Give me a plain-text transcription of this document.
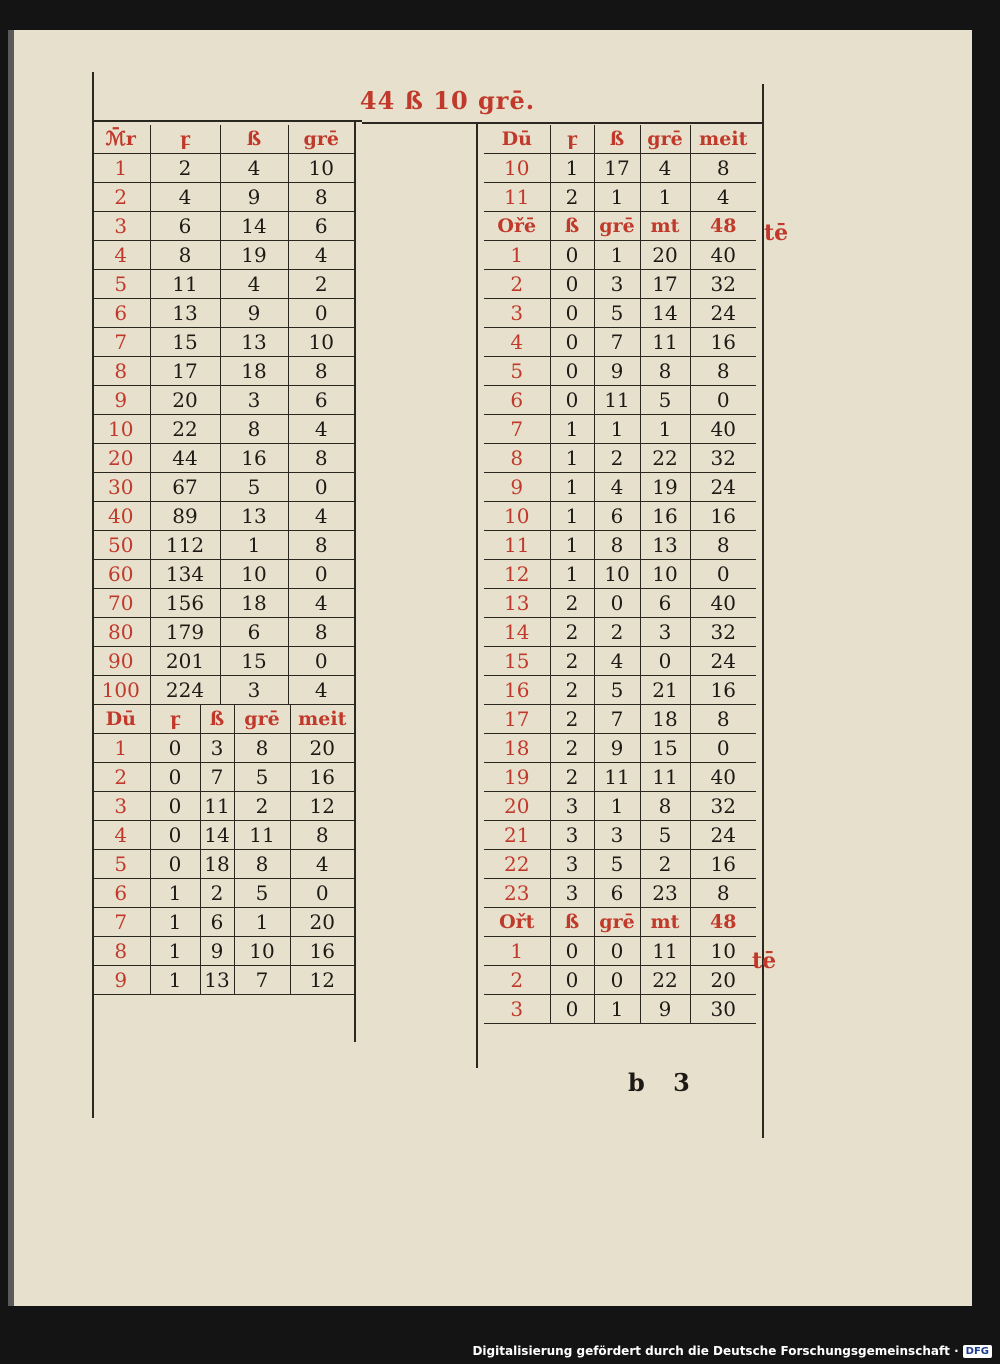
44 ß 10 grē.
ℳ̄r	ꝼ	ß	grē
1	2	4	10
2	4	9	8
3	6	14	6
4	8	19	4
5	11	4	2
6	13	9	0
7	15	13	10
8	17	18	8
9	20	3	6
10	22	8	4
20	44	16	8
30	67	5	0
40	89	13	4
50	112	1	8
60	134	10	0
70	156	18	4
80	179	6	8
90	201	15	0
100	224	3	4
Dū	ꝼ	ß	grē	meit
10	1	17	4	8
11	2	1	1	4
Ořē	ß	grē	mt	48
1	0	1	20	40
2	0	3	17	32
3	0	5	14	24
4	0	7	11	16
5	0	9	8	8
6	0	11	5	0
7	1	1	1	40
8	1	2	22	32
9	1	4	19	24
10	1	6	16	16
11	1	8	13	8
12	1	10	10	0
13	2	0	6	40
14	2	2	3	32
15	2	4	0	24
16	2	5	21	16
17	2	7	18	8
18	2	9	15	0
19	2	11	11	40
20	3	1	8	32
21	3	3	5	24
22	3	5	2	16
23	3	6	23	8
Ořt	ß	grē	mt	48
1	0	0	11	10
2	0	0	22	20
3	0	1	9	30
tē
tē
b 3
Digitalisierung gefördert durch die Deutsche Forschungsgemeinschaft · DFG
Dū	ꝼ	ß	grē	meit
1	0	3	8	20
2	0	7	5	16
3	0	11	2	12
4	0	14	11	8
5	0	18	8	4
6	1	2	5	0
7	1	6	1	20
8	1	9	10	16
9	1	13	7	12
